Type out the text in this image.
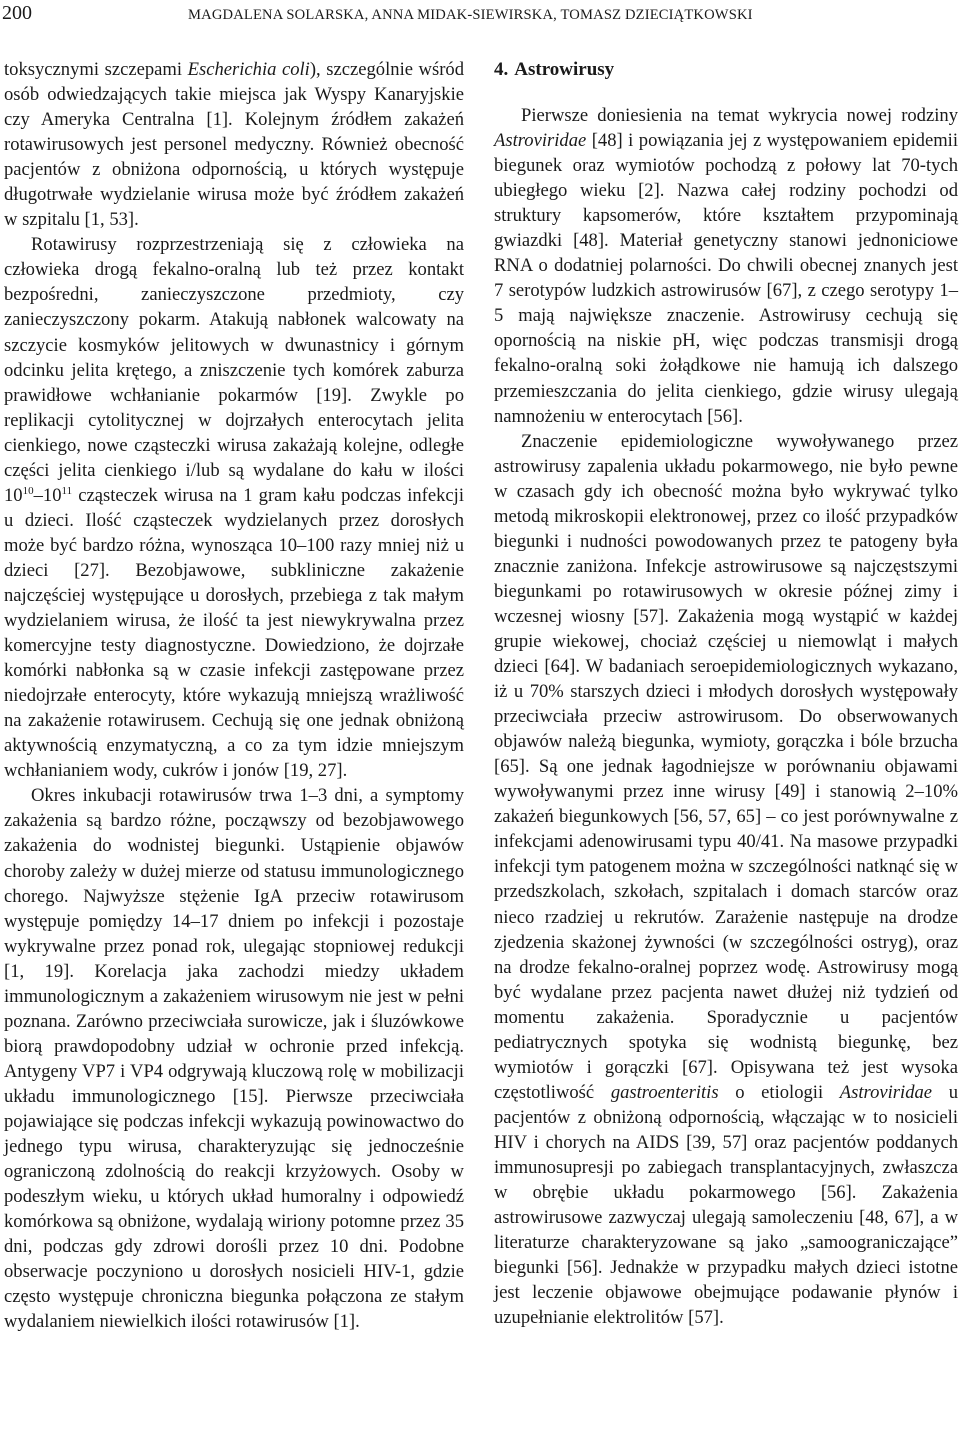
200	MAGDALENA SOLARSKA, ANNA MIDAK-SIEWIRSKA, TOMASZ DZIECIĄTKOWSKI

toksycznymi szczepami Escherichia coli), szczególnie wśród osób odwiedzających takie miejsca jak Wyspy Kanaryjskie czy Ameryka Centralna [1]. Kolejnym źródłem zakażeń rotawirusowych jest personel medyczny. Również obecność pacjentów z obniżona odpornością, u których występuje długotrwałe wydzielanie wirusa może być źródłem zakażeń w szpitalu [1, 53].

Rotawirusy rozprzestrzeniają się z człowieka na człowieka drogą fekalno-oralną lub też przez kontakt bezpośredni, zanieczyszczone przedmioty, czy zanieczyszczony pokarm. Atakują nabłonek walcowaty na szczycie kosmyków jelitowych w dwunastnicy i górnym odcinku jelita krętego, a zniszczenie tych komórek zaburza prawidłowe wchłanianie pokarmów [19]. Zwykle po replikacji cytolitycznej w dojrzałych enterocytach jelita cienkiego, nowe cząsteczki wirusa zakażają kolejne, odległe części jelita cienkiego i/lub są wydalane do kału w ilości $10^{10}-10^{11}$ cząsteczek wirusa na 1 gram kału podczas infekcji u dzieci. Ilość cząsteczek wydzielanych przez dorosłych może być bardzo różna, wynosząca 10–100 razy mniej niż u dzieci [27]. Bezobjawowe, subkliniczne zakażenie najczęściej występujące u dorosłych, przebiega z tak małym wydzielaniem wirusa, że ilość ta jest niewykrywalna przez komercyjne testy diagnostyczne. Dowiedziono, że dojrzałe komórki nabłonka są w czasie infekcji zastępowane przez niedojrzałe enterocyty, które wykazują mniejszą wrażliwość na zakażenie rotawirusem. Cechują się one jednak obniżoną aktywnością enzymatyczną, a co za tym idzie mniejszym wchłanianiem wody, cukrów i jonów [19, 27].

Okres inkubacji rotawirusów trwa 1–3 dni, a symptomy zakażenia są bardzo różne, począwszy od bezobjawowego zakażenia do wodnistej biegunki. Ustąpienie objawów choroby zależy w dużej mierze od statusu immunologicznego chorego. Najwyższe stężenie IgA przeciw rotawirusom występuje pomiędzy 14–17 dniem po infekcji i pozostaje wykrywalne przez ponad rok, ulegając stopniowej redukcji [1, 19]. Korelacja jaka zachodzi miedzy układem immunologicznym a zakażeniem wirusowym nie jest w pełni poznana. Zarówno przeciwciała surowicze, jak i śluzówkowe biorą prawdopodobny udział w ochronie przed infekcją. Antygeny VP7 i VP4 odgrywają kluczową rolę w mobilizacji układu immunologicznego [15]. Pierwsze przeciwciała pojawiające się podczas infekcji wykazują powinowactwo do jednego typu wirusa, charakteryzując się jednocześnie ograniczoną zdolnością do reakcji krzyżowych. Osoby w podeszłym wieku, u których układ humoralny i odpowiedź komórkowa są obniżone, wydalają wiriony potomne przez 35 dni, podczas gdy zdrowi dorośli przez 10 dni. Podobne obserwacje poczyniono u dorosłych nosicieli HIV-1, gdzie często występuje chroniczna biegunka połączona ze stałym wydalaniem niewielkich ilości rotawirusów [1].

4. Astrowirusy

Pierwsze doniesienia na temat wykrycia nowej rodziny Astroviridae [48] i powiązania jej z występowaniem epidemii biegunek oraz wymiotów pochodzą z połowy lat 70-tych ubiegłego wieku [2]. Nazwa całej rodziny pochodzi od struktury kapsomerów, które kształtem przypominają gwiazdki [48]. Materiał genetyczny stanowi jednoniciowe RNA o dodatniej polarności. Do chwili obecnej znanych jest 7 serotypów ludzkich astrowirusów [67], z czego serotypy 1–5 mają największe znaczenie. Astrowirusy cechują się opornością na niskie pH, więc podczas transmisji drogą fekalno-oralną soki żołądkowe nie hamują ich dalszego przemieszczania do jelita cienkiego, gdzie wirusy ulegają namnożeniu w enterocytach [56].

Znaczenie epidemiologiczne wywoływanego przez astrowirusy zapalenia układu pokarmowego, nie było pewne w czasach gdy ich obecność można było wykrywać tylko metodą mikroskopii elektronowej, przez co ilość przypadków biegunki i nudności powodowanych przez te patogeny była znacznie zaniżona. Infekcje astrowirusowe są najczęstszymi biegunkami po rotawirusowych w okresie późnej zimy i wczesnej wiosny [57]. Zakażenia mogą wystąpić w każdej grupie wiekowej, chociaż częściej u niemowląt i małych dzieci [64]. W badaniach seroepidemiologicznych wykazano, iż u 70% starszych dzieci i młodych dorosłych występowały przeciwciała przeciw astrowirusom. Do obserwowanych objawów należą biegunka, wymioty, gorączka i bóle brzucha [65]. Są one jednak łagodniejsze w porównaniu objawami wywoływanymi przez inne wirusy [49] i stanowią 2–10% zakażeń biegunkowych [56, 57, 65] – co jest porównywalne z infekcjami adenowirusami typu 40/41. Na masowe przypadki infekcji tym patogenem można w szczególności natknąć się w przedszkolach, szkołach, szpitalach i domach starców oraz nieco rzadziej u rekrutów. Zarażenie następuje na drodze zjedzenia skażonej żywności (w szczególności ostryg), oraz na drodze fekalno-oralnej poprzez wodę. Astrowirusy mogą być wydalane przez pacjenta nawet dłużej niż tydzień od momentu zakażenia. Sporadycznie u pacjentów pediatrycznych spotyka się wodnistą biegunkę, bez wymiotów i gorączki [67]. Opisywana też jest wysoka częstotliwość gastroenteritis o etiologii Astroviridae u pacjentów z obniżoną odpornością, włączając w to nosicieli HIV i chorych na AIDS [39, 57] oraz pacjentów poddanych immunosupresji po zabiegach transplantacyjnych, zwłaszcza w obrębie układu pokarmowego [56]. Zakażenia astrowirusowe zazwyczaj ulegają samoleczeniu [48, 67], a w literaturze charakteryzowane są jako „samoograniczające” biegunki [56]. Jednakże w przypadku małych dzieci istotne jest leczenie objawowe obejmujące podawanie płynów i uzupełnianie elektrolitów [57].
